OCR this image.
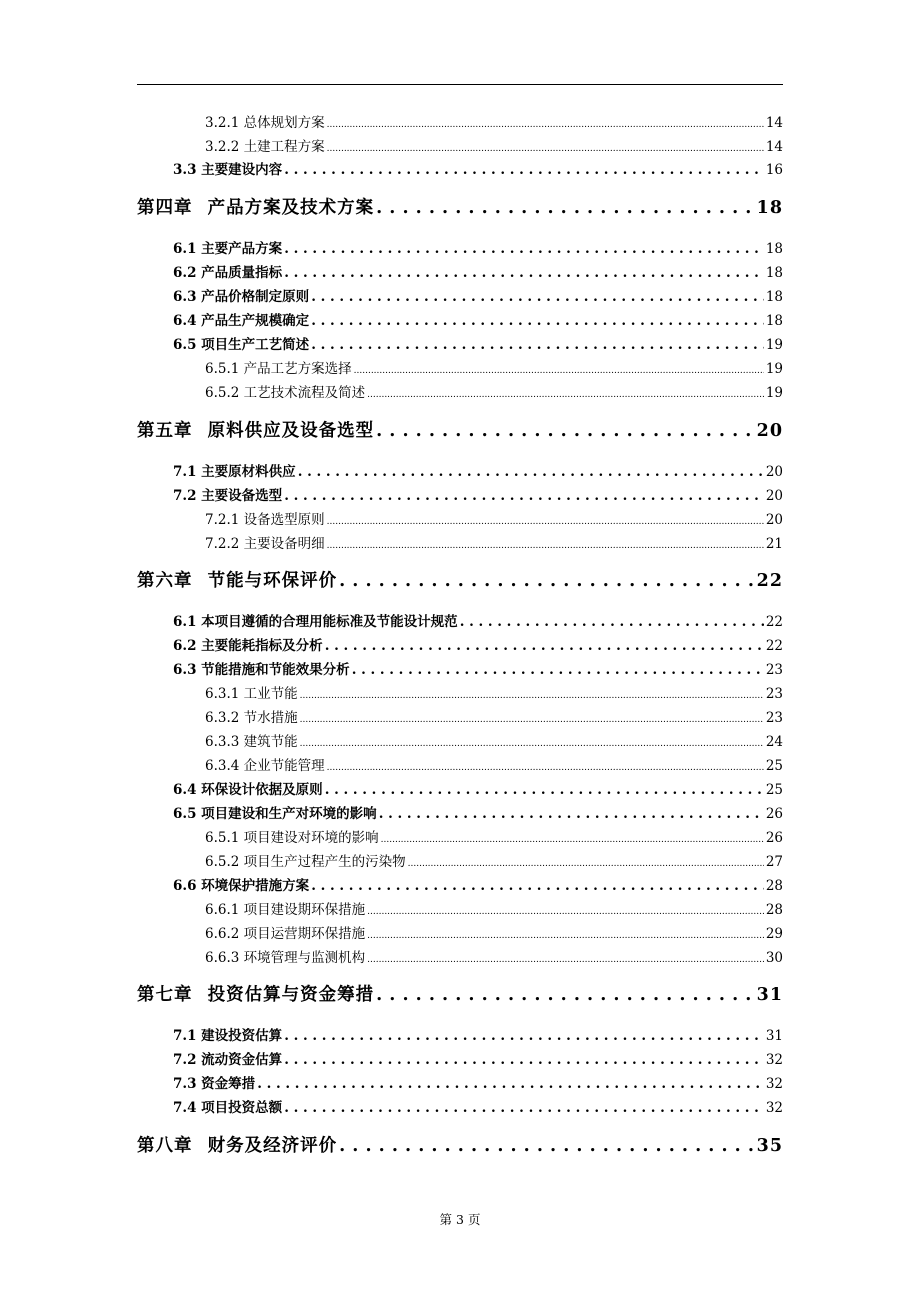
3.2.1 总体规划方案 .....	14
3.2.2 土建工程方案 .....	14
3.3 主要建设内容 . . .	16
第四章 产品方案及技术方案 . . .	18
6.1 主要产品方案 . . .	18
6.2 产品质量指标 . . .	18
6.3 产品价格制定原则 . . .	18
6.4 产品生产规模确定 . . .	18
6.5 项目生产工艺简述 . . .	19
6.5.1 产品工艺方案选择 .....	19
6.5.2 工艺技术流程及简述 .....	19
第五章 原料供应及设备选型 . . .	20
7.1 主要原材料供应 . . .	20
7.2 主要设备选型 . . .	20
7.2.1 设备选型原则 .....	20
7.2.2 主要设备明细 .....	21
第六章 节能与环保评价 . . .	22
6.1 本项目遵循的合理用能标准及节能设计规范 . . .	22
6.2 主要能耗指标及分析 . . .	22
6.3 节能措施和节能效果分析 . . .	23
6.3.1 工业节能 .....	23
6.3.2 节水措施 .....	23
6.3.3 建筑节能 .....	24
6.3.4 企业节能管理 .....	25
6.4 环保设计依据及原则 . . .	25
6.5 项目建设和生产对环境的影响 . . .	26
6.5.1 项目建设对环境的影响 .....	26
6.5.2 项目生产过程产生的污染物 .....	27
6.6 环境保护措施方案 . . .	28
6.6.1 项目建设期环保措施 .....	28
6.6.2 项目运营期环保措施 .....	29
6.6.3 环境管理与监测机构 .....	30
第七章 投资估算与资金筹措 . . .	31
7.1 建设投资估算 . . .	31
7.2 流动资金估算 . . .	32
7.3 资金筹措 . . .	32
7.4 项目投资总额 . . .	32
第八章 财务及经济评价 . . .	35
第 3 页
